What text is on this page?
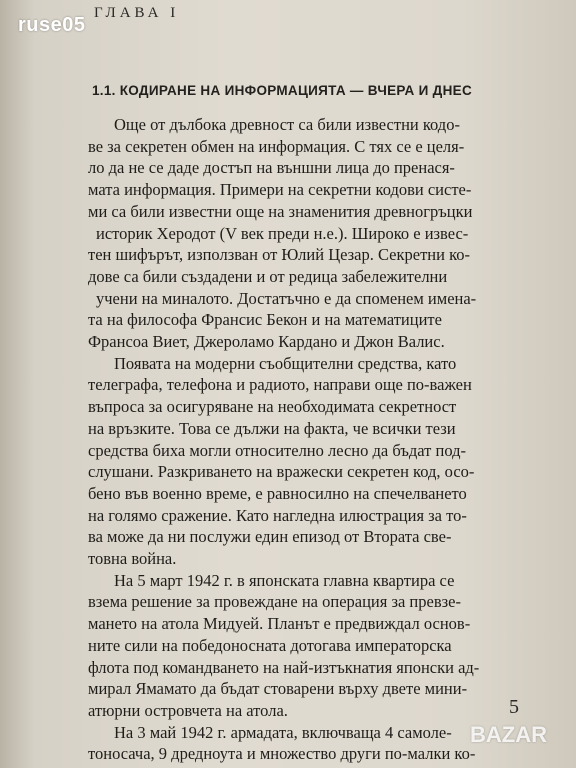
ruse05
ГЛАВА I
1.1. КОДИРАНЕ НА ИНФОРМАЦИЯТА — ВЧЕРА И ДНЕС
Още от дълбока древност са били известни кодо-
ве за секретен обмен на информация. С тях се е целя-
ло да не се даде достъп на външни лица до пренася-
мата информация. Примери на секретни кодови систе-
ми са били известни още на знаменития древногръцки
историк Херодот (V век преди н.е.). Широко е извес-
тен шифърът, използван от Юлий Цезар. Секретни ко-
дове са били създадени и от редица забележителни
учени на миналото. Достатъчно е да споменем имена-
та на философа Франсис Бекон и на математиците
Франсоа Виет, Джероламо Кардано и Джон Валис.
Появата на модерни съобщителни средства, като
телеграфа, телефона и радиото, направи още по-важен
въпроса за осигуряване на необходимата секретност
на връзките. Това се дължи на факта, че всички тези
средства биха могли относително лесно да бъдат под-
слушани. Разкриването на вражески секретен код, осо-
бено във военно време, е равносилно на спечелването
на голямо сражение. Като нагледна илюстрация за то-
ва може да ни послужи един епизод от Втората све-
товна война.
На 5 март 1942 г. в японската главна квартира се
взема решение за провеждане на операция за превзе-
мането на атола Мидуей. Планът е предвиждал основ-
ните сили на победоносната дотогава императорска
флота под командването на най-изтъкнатия японски ад-
мирал Ямамато да бъдат стоварени върху двете мини-
атюрни островчета на атола.
На 3 май 1942 г. армадата, включваща 4 самоле-
тоносача, 9 дредноута и множество други по-малки ко-
5
BAZAR
